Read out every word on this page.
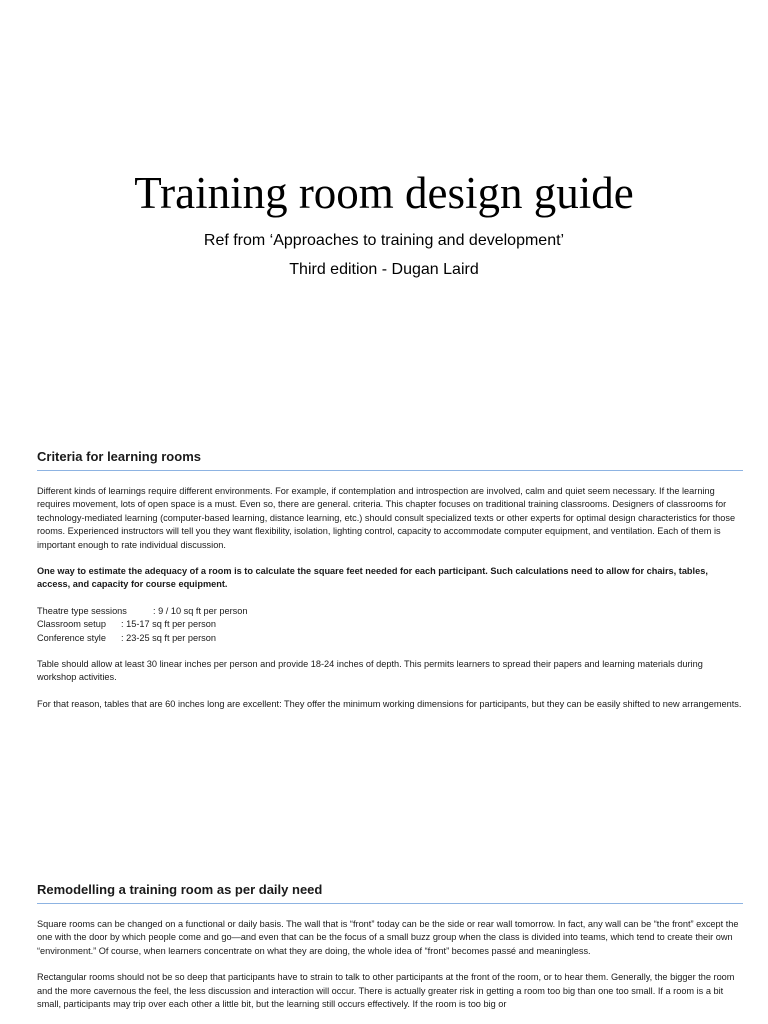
Training room design guide
Ref from ‘Approaches to training and development’
Third edition - Dugan Laird
Criteria for learning rooms

Different kinds of learnings require different environments. For example, if contemplation and introspection are involved, calm and quiet seem necessary. If the learning requires movement, lots of open space is a must. Even so, there are general. criteria. This chapter focuses on traditional training classrooms. Designers of classrooms for technology-mediated learning (computer-based learning, distance learning, etc.) should consult specialized texts or other experts for optimal design characteristics for those rooms. Experienced instructors will tell you they want flexibility, isolation, lighting control, capacity to accommodate computer equipment, and ventilation. Each of them is important enough to rate individual discussion.

One way to estimate the adequacy of a room is to calculate the square feet needed for each participant. Such calculations need to allow for chairs, tables, access, and capacity for course equipment.

Theatre type sessions	: 9 / 10 sq ft per person
Classroom setup : 15-17 sq ft per person
Conference style : 23-25 sq ft per person

Table should allow at least 30 linear inches per person and provide 18-24 inches of depth. This permits learners to spread their papers and learning materials during workshop activities.

For that reason, tables that are 60 inches long are excellent: They offer the minimum working dimensions for participants, but they can be easily shifted to new arrangements.

Remodelling a training room as per daily need

Square rooms can be changed on a functional or daily basis. The wall that is “front” today can be the side or rear wall tomorrow. In fact, any wall can be “the front” except the one with the door by which people come and go—and even that can be the focus of a small buzz group when the class is divided into teams, which tend to create their own “environment.” Of course, when learners concentrate on what they are doing, the whole idea of “front” becomes passé and meaningless.

Rectangular rooms should not be so deep that participants have to strain to talk to other participants at the front of the room, or to hear them. Generally, the bigger the room and the more cavernous the feel, the less discussion and interaction will occur. There is actually greater risk in getting a room too big than one too small. If a room is a bit small, participants may trip over each other a little bit, but the learning still occurs effectively. If the room is too big or
